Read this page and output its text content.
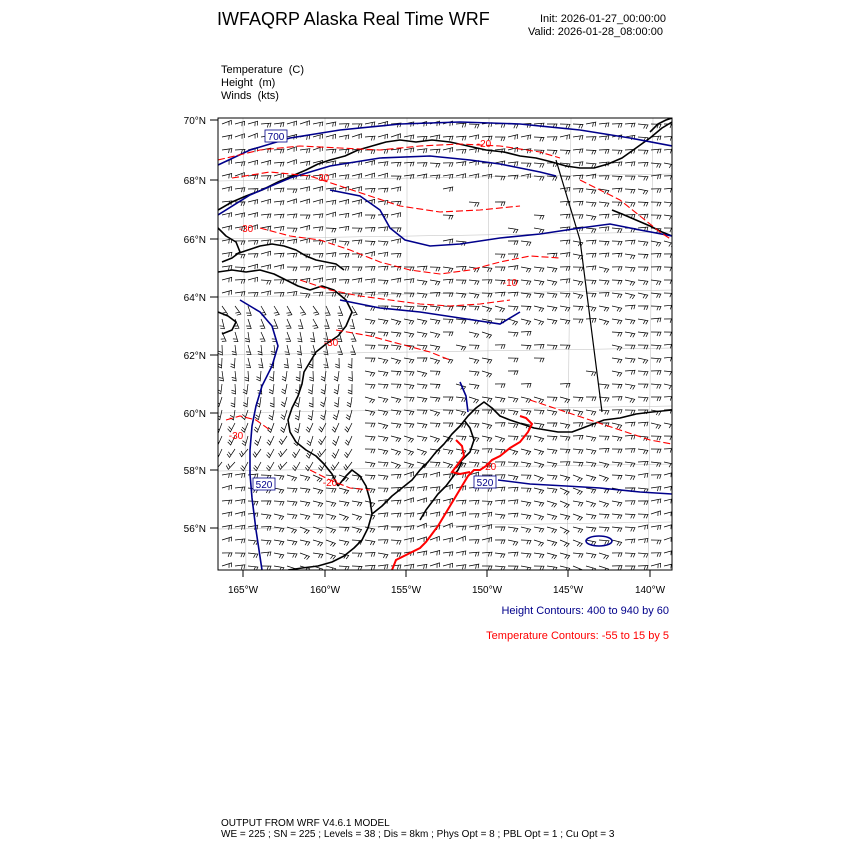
IWFAQRP Alaska Real Time WRF	Init: 2026-01-27_00:00:00
Valid: 2026-01-28_08:00:00
Temperature (C)
Height (m)
Winds (kts)
70°N
68°N
66°N
64°N
62°N
60°N
58°N
56°N
165°W	160°W	155°W	150°W	145°W	140°W
700
520	520
-20
-30
-30
-30
-30
-20
-20
-10
Height Contours: 400 to 940 by 60
Temperature Contours: -55 to 15 by 5
OUTPUT FROM WRF V4.6.1 MODEL
WE = 225 ; SN = 225 ; Levels = 38 ; Dis = 8km ; Phys Opt = 8 ; PBL Opt = 1 ; Cu Opt = 3
